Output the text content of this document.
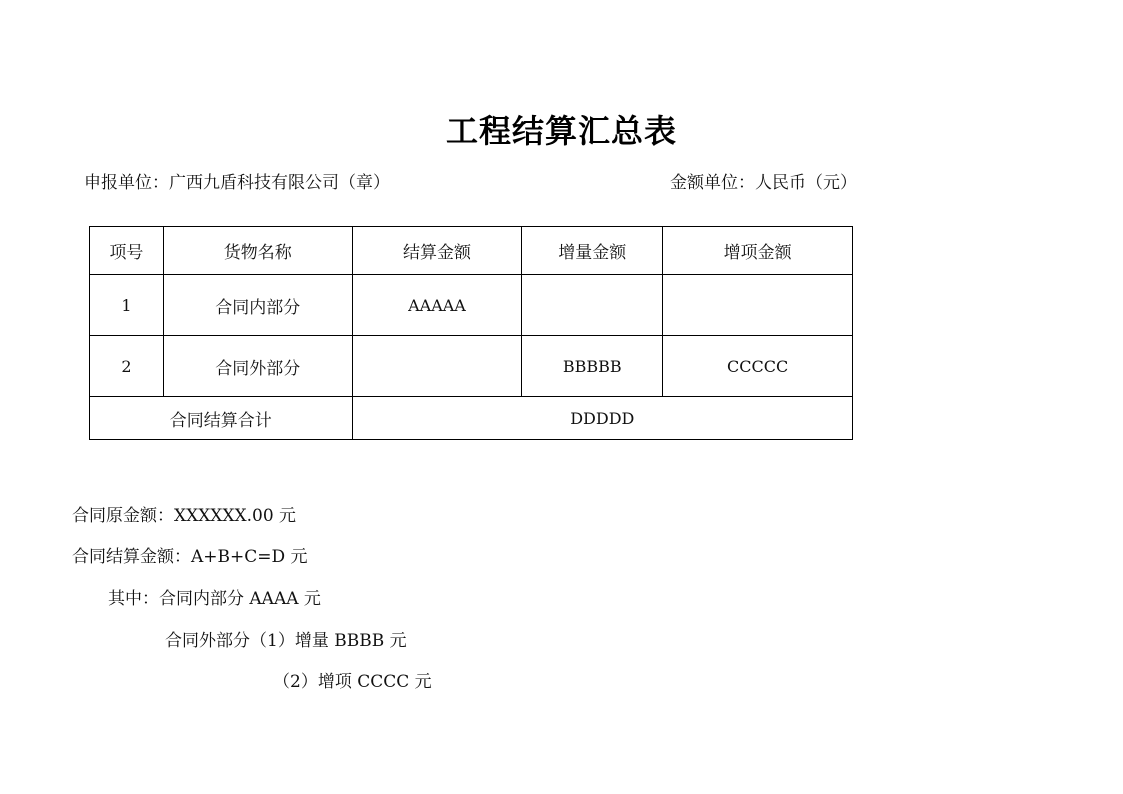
工程结算汇总表
申报单位：广西九盾科技有限公司（章）	金额单位：人民币（元）
项号	货物名称	结算金额	增量金额	增项金额
1	合同内部分	AAAAA		
2	合同外部分		BBBBB	CCCCC
合同结算合计		DDDDD		
合同原金额：XXXXXX.00 元
合同结算金额：A+B+C=D 元
其中：合同内部分 AAAA 元
合同外部分（1）增量 BBBB 元
（2）增项 CCCC 元
